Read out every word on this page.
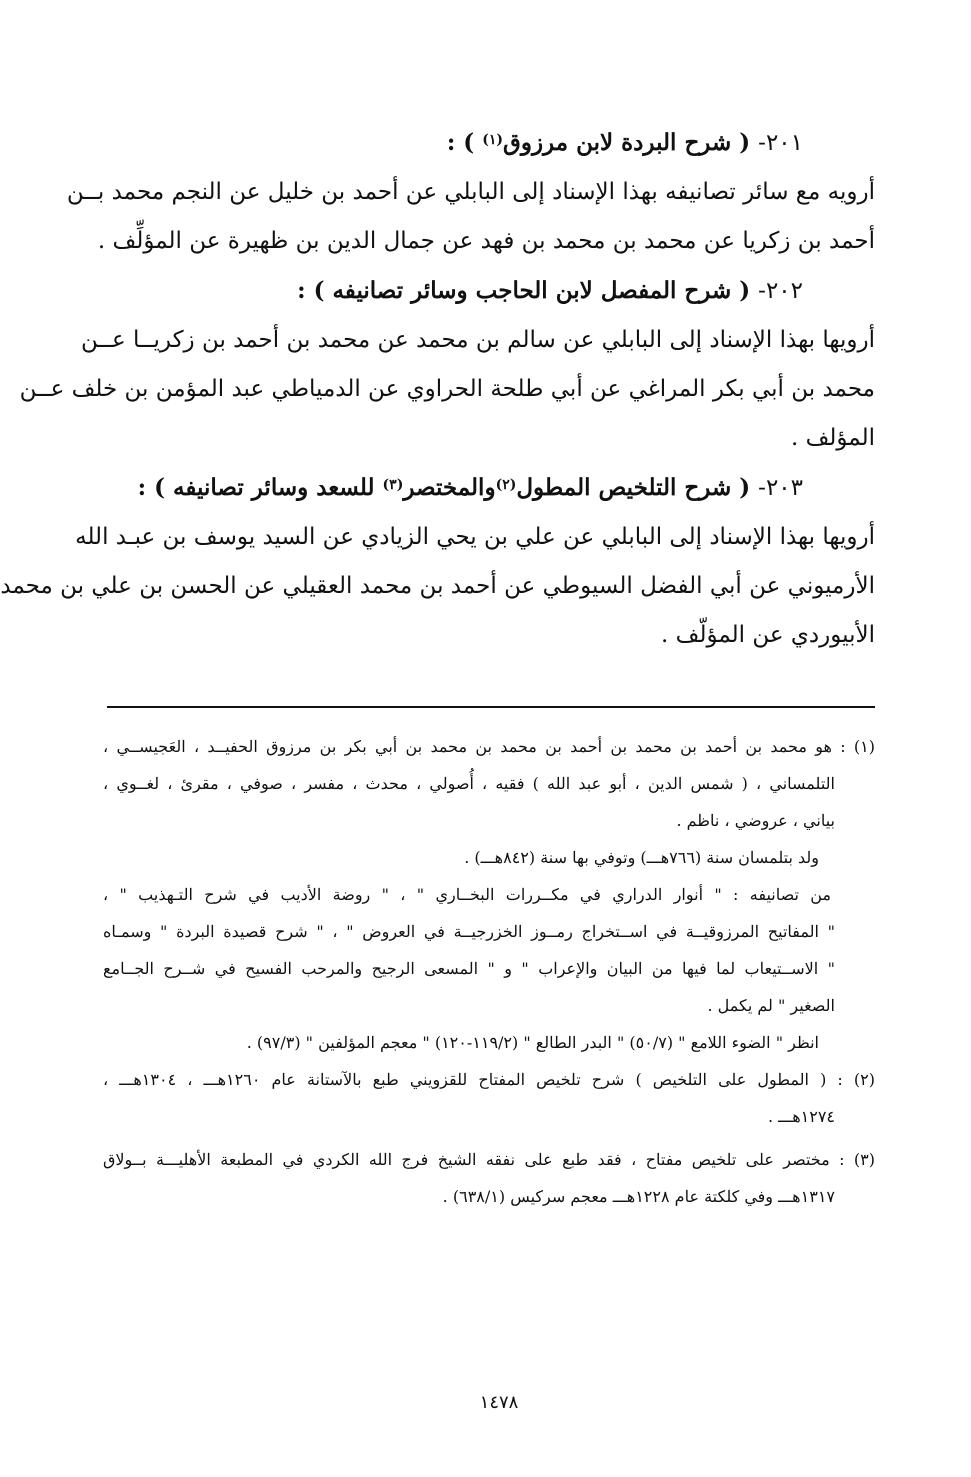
٢٠١- ( شرح البردة لابن مرزوق$^{(١)}$ ) :
أرويه مع سائر تصانيفه بهذا الإسناد إلى البابلي عن أحمد بن خليل عن النجم محمد بــن
أحمد بن زكريا عن محمد بن محمد بن فهد عن جمال الدين بن ظهيرة عن المؤلِّف .
٢٠٢- ( شرح المفصل لابن الحاجب وسائر تصانيفه ) :
أرويها بهذا الإسناد إلى البابلي عن سالم بن محمد عن محمد بن أحمد بن زكريــا عــن
محمد بن أبي بكر المراغي عن أبي طلحة الحراوي عن الدمياطي عبد المؤمن بن خلف عــن
المؤلف .
٢٠٣- ( شرح التلخيص المطول$^{(٢)}$والمختصر$^{(٣)}$ للسعد وسائر تصانيفه ) :
أرويها بهذا الإسناد إلى البابلي عن علي بن يحي الزيادي عن السيد يوسف بن عبـد الله
الأرميوني عن أبي الفضل السيوطي عن أحمد بن محمد العقيلي عن الحسن بن علي بن محمد
الأبيوردي عن المؤلّف .
(١) : هو محمد بن أحمد بن محمد بن أحمد بن محمد بن محمد بن أبي بكر بن مرزوق الحفيــد ، العَجيســي ،
التلمساني ، ( شمس الدين ، أبو عبد الله ) فقيه ، أُصولي ، محدث ، مفسر ، صوفي ، مقرئ ، لغــوي ،
بياني ، عروضي ، ناظم .
ولد بتلمسان سنة (٧٦٦هـــ) وتوفي بها سنة (٨٤٢هـــ) .
من تصانيفه : " أنوار الدراري في مكــررات البخــاري " ، " روضة الأديب في شرح التـهذيب " ،
" المفاتيح المرزوقيــة في اســتخراج رمــوز الخزرجيــة في العروض " ، " شرح قصيدة البردة " وسمـاه
" الاســتيعاب لما فيها من البيان والإعراب " و " المسعى الرجيح والمرحب الفسيح في شــرح الجــامع
الصغير " لم يكمل .
انظر " الضوء اللامع " (٥٠/٧) " البدر الطالع " (١١٩/٢-١٢٠) " معجم المؤلفين " (٩٧/٣) .
(٢) : ( المطول على التلخيص ) شرح تلخيص المفتاح للقزويني طبع بالآستانة عام ١٢٦٠هـــ ، ١٣٠٤هـــ ،
١٢٧٤هـــ .
(٣) : مختصر على تلخيص مفتاح ، فقد طبع على نفقه الشيخ فرج الله الكردي في المطبعة الأهليـــة بــولاق
١٣١٧هـــ وفي كلكتة عام ١٢٢٨هـــ معجم سركيس (٦٣٨/١) .
١٤٧٨
